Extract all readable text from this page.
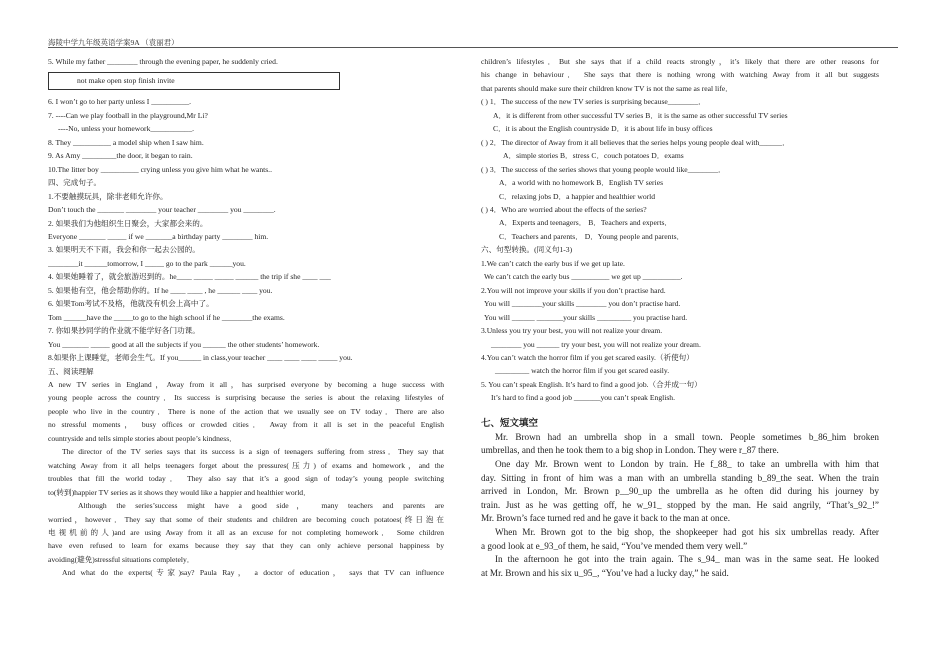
海陵中学九年级英语学案9A （袁丽君）
5. While my father ________ through the evening paper, he suddenly cried.
not make open stop finish invite
6. I won’t go to her party unless I __________.
7. ----Can we play football in the playground,Mr Li?
----No, unless your homework___________.
8. They __________ a model ship when I saw him.
9. As Amy _________the door, it began to rain.
10.The litter boy __________ crying unless you give him what he wants..
四、完成句子。
1.不要触摸玩具，除非老师允许你。
Don’t touch the _______ ________ your teacher ________ you ________.
2. 如果我们为他组织生日聚会，大家都会来的。
Everyone _______ _____ if we _______a birthday party ________ him.
3. 如果明天不下雨，我会和你一起去公园的。
________it ______tomorrow, I _____ go to the park ______you.
4. 如果她睡着了，就会旅游迟到的。he____ _____ _____ ______ the trip if she ____ ___
5. 如果他有空，他会帮助你的。If he ____ ____ , he ______ ____ you.
6. 如果Tom考试不及格，他就没有机会上高中了。
Tom ______have the _____to go to the high school if he ________the exams.
7. 你如果抄同学的作业就不能学好各门功课。
You _______ _____ good at all the subjects if you ______ the other students’ homework.
8.如果你上课睡觉，老师会生气。If you______ in class,your teacher ____ ____ ____ _____ you.
五、阅读理解
A new TV series in England，Away from it all，has surprised everyone by becoming a huge success with
young people across the country．Its success is surprising because the series is about the relaxing lifestyles of
people who live in the country．There is none of the action that we usually see on TV today．There are also
no stressful moments， busy offices or crowded cities． Away from it all is set in the peaceful English
countryside and tells simple stories about people’s kindness．
The director of the TV series says that its success is a sign of teenagers suffering from stress．They say that
watching Away from it all helps teenagers forget about the pressures(压力) of exams and homework，and the
troubles that fill the world today． They also say that it’s a good sign of today’s young people switching
to(转到)happier TV series as it shows they would like a happier and healthier world．
Although the series’success might have a good side， many teachers and parents are
worried，however．They say that some of their students and children are becoming couch potatoes(终日泡在
电视机前的人)and are using Away from it all as an excuse for not completing homework． Some children
have even refused to learn for exams because they say that they can only achieve personal happiness by
avoiding(避免)stressful situations completely．
And what do the experts(专家)say? Paula Ray， a doctor of education， says that TV can influence
children’s lifestyles．But she says that if a child reacts strongly，it’s likely that there are other reasons for
his change in behaviour． She says that there is nothing wrong with watching Away from it all but suggests
that parents should make sure their children know TV is not the same as real life．
( ) 1．The success of the new TV series is surprising because________．
A．it is different from other successful TV series B．it is the same as other successful TV series
C．it is about the English countryside D．it is about life in busy offices
( ) 2．The director of Away from it all believes that the series helps young people deal with______．
A．simple stories B．stress C．couch potatoes D．exams
( ) 3．The success of the series shows that young people would like________．
A．a world with no homework B．English TV series
C．relaxing jobs D．a happier and healthier world
( ) 4．Who are worried about the effects of the series?
A．Experts and teenagers． B．Teachers and experts．
C．Teachers and parents． D．Young people and parents．
六、句型转换。(同义句1-3)
1.We can’t catch the early bus if we get up late.
We can’t catch the early bus __________ we get up __________.
2.You will not improve your skills if you don’t practise hard.
You will ________your skills ________ you don’t practise hard.
You will ______ _______your skills _________ you practise hard.
3.Unless you try your best, you will not realize your dream.
________ you ______ try your best, you will not realize your dream.
4.You can’t watch the horror film if you get scared easily.（祈使句）
_________ watch the horror film if you get scared easily.
5. You can’t speak English. It’s hard to find a good job.（合并成一句）
It’s hard to find a good job _______you can’t speak English.
七、短文填空
Mr. Brown had an umbrella shop in a small town. People sometimes b_86_him broken
umbrellas, and then he took them to a big shop in London. They were r_87 there.
One day Mr. Brown went to London by train. He f_88_ to take an umbrella with him that
day. Sitting in front of him was a man with an umbrella standing b_89_the seat. When the train
arrived in London, Mr. Brown p__90_up the umbrella as he often did during his journey by
train. Just as he was getting off, he w_91_ stopped by the man. He said angrily, “That’s_92_!”
Mr. Brown’s face turned red and he gave it back to the man at once.
When Mr. Brown got to the big shop, the shopkeeper had got his six umbrellas ready. After
a good look at e_93_of them, he said, “You’ve mended them very well.”
In the afternoon he got into the train again. The s_94_ man was in the same seat. He looked
at Mr. Brown and his six u_95_, “You’ve had a lucky day,” he said.
